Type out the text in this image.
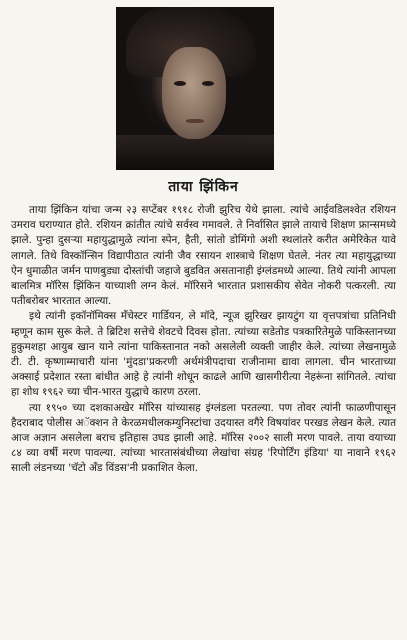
ताया झिंकिन

ताया झिंकिन यांचा जन्म २३ सप्टेंबर १९१८ रोजी झुरिच येथे झाला. त्यांचे आईवडिलश्वेत रशियन उमराव घराण्यात होते. रशियन क्रांतीत त्यांचे सर्वस्व गमावले. ते निर्वासित झाले तायाचे शिक्षण फ्रान्समध्ये झाले. पुन्हा दुसऱ्या महायुद्धामुळे त्यांना स्पेन, हैती, सांतो डोमिंगो अशी स्थलांतरे करीत अमेरिकेत यावे लागले. तिथे विस्कॉन्सिन विद्यापीठात त्यांनी जैव रसायन शास्त्राचे शिक्षण घेतले. नंतर त्या महायुद्धाच्या ऐन धुमाळीत जर्मन पाणबुड्या दोस्तांची जहाजे बुडवित असतानाही इंग्लंडमध्ये आल्या. तिथे त्यांनी आपला बालमित्र मॉरिस झिंकिन याच्याशी लग्न केलं. मॉरिसने भारतात प्रशासकीय सेवेत नोकरी पत्करली. त्या पतीबरोबर भारतात आल्या.

इथे त्यांनी इकॉनॉमिक्स मँचेस्टर गार्डियन, ले मॉदे, न्यूज झुरिखर झायटुंग या वृत्तपत्रांचा प्रतिनिधी म्हणून काम सुरू केले. ते ब्रिटिश सत्तेचे शेवटचे दिवस होता. त्यांच्या सडेतोड पत्रकारितेमुळे पाकिस्तानच्या हुकुमशहा आयुब खान याने त्यांना पाकिस्तानात नको असलेली व्यक्ती जाहीर केले. त्यांच्या लेखनामुळे टी. टी. कृष्णाम्माचारी यांना 'मुंदडा'प्रकरणी अर्थमंत्रीपदाचा राजीनामा द्यावा लागला. चीन भारताच्या अक्साई प्रदेशात रस्ता बांधीत आहे हे त्यांनी शोधून काढले आणि खासगीरीत्या नेहरूंना सांगितले. त्यांचा हा शोध १९६२ च्या चीन-भारत युद्धाचे कारण ठरला.

त्या १९५० च्या दशकाअखेर मॉरिस यांच्यासह इंग्लंडला परतल्या. पण तोवर त्यांनी फाळणीपासून हैदराबाद पोलीस अॅक्शन ते केरळमधीलकम्युनिस्टांचा उदयास्त वगैरे विषयांवर परखड लेखन केले. त्यात आज अज्ञान असलेला बराच इतिहास उघड झाली आहे. मॉरिस २००२ साली मरण पावले. ताया वयाच्या ८४ व्या वर्षी मरण पावल्या. त्यांच्या भारतासंबंधीच्या लेखांचा संग्रह 'रिपोर्टिंग इंडिया' या नावाने १९६२ साली लंडनच्या 'चॅटो अँड विंडस'नी प्रकाशित केला.
